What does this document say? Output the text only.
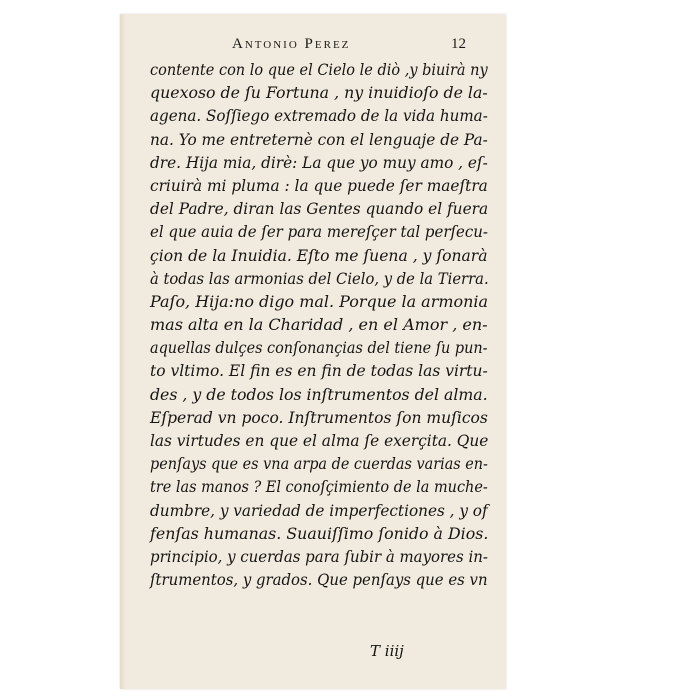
Antonio Perez	12
contente con lo que el Cielo le diò ,y biuirà ny
quexoso de ſu Fortuna , ny inuidioſo de la-
agena. Soſſiego extremado de la vida huma-
na. Yo me entreternè con el lenguaje de Pa-
dre. Hija mia, dirè: La que yo muy amo , eſ-
criuirà mi pluma : la que puede ſer maeſtra
del Padre, diran las Gentes quando el fuera
el que auia de ſer para mereſçer tal perſecu-
çion de la Inuidia. Eſto me ſuena , y ſonarà
à todas las armonias del Cielo, y de la Tierra.
Paſo, Hija:no digo mal. Porque la armonia
mas alta en la Charidad , en el Amor , en-
aquellas dulçes conſonançias del tiene ſu pun-
to vltimo. El fin es en fin de todas las virtu-
des , y de todos los inſtrumentos del alma.
Eſperad vn poco. Inſtrumentos ſon muſicos
las virtudes en que el alma ſe exerçita. Que
penſays que es vna arpa de cuerdas varias en-
tre las manos ? El conoſçimiento de la muche-
dumbre, y variedad de imperfectiones , y of
fenſas humanas. Suauiſſimo ſonido à Dios.
principio, y cuerdas para ſubir à mayores in-
ſtrumentos, y grados. Que penſays que es vn
T iiij
